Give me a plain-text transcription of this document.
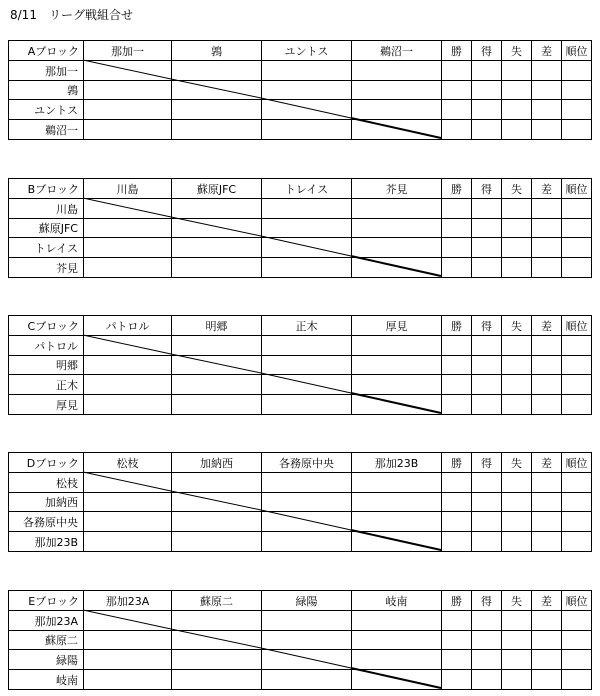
8/11　リーグ戦組合せ
Aブロック	那加一	鶉	ユントス	鵜沼一	勝	得	失	差	順位
那加一									
鶉									
ユントス									
鵜沼一									
Bブロック	川島	蘇原JFC	トレイス	芥見	勝	得	失	差	順位
川島									
蘇原JFC									
トレイス									
芥見									
Cブロック	パトロル	明郷	正木	厚見	勝	得	失	差	順位
パトロル									
明郷									
正木									
厚見									
Dブロック	松枝	加納西	各務原中央	那加23B	勝	得	失	差	順位
松枝									
加納西									
各務原中央									
那加23B									
Eブロック	那加23A	蘇原二	緑陽	岐南	勝	得	失	差	順位
那加23A									
蘇原二									
緑陽									
岐南									
